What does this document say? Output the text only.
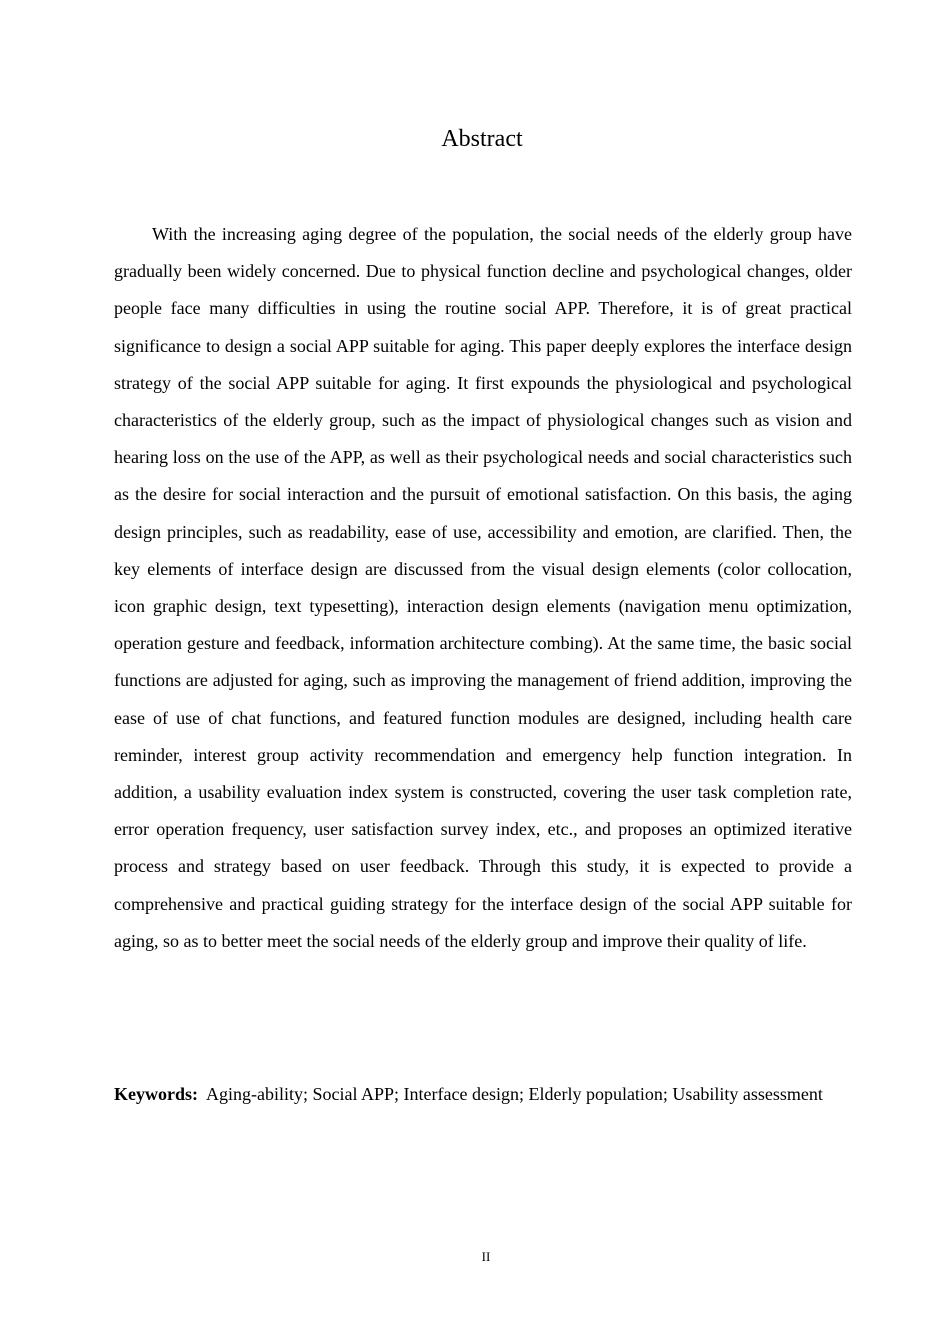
Abstract

With the increasing aging degree of the population, the social needs of the elderly group have gradually been widely concerned. Due to physical function decline and psychological changes, older people face many difficulties in using the routine social APP. Therefore, it is of great practical significance to design a social APP suitable for aging. This paper deeply explores the interface design strategy of the social APP suitable for aging. It first expounds the physiological and psychological characteristics of the elderly group, such as the impact of physiological changes such as vision and hearing loss on the use of the APP, as well as their psychological needs and social characteristics such as the desire for social interaction and the pursuit of emotional satisfaction. On this basis, the aging design principles, such as readability, ease of use, accessibility and emotion, are clarified. Then, the key elements of interface design are discussed from the visual design elements (color collocation, icon graphic design, text typesetting), interaction design elements (navigation menu optimization, operation gesture and feedback, information architecture combing). At the same time, the basic social functions are adjusted for aging, such as improving the management of friend addition, improving the ease of use of chat functions, and featured function modules are designed, including health care reminder, interest group activity recommendation and emergency help function integration. In addition, a usability evaluation index system is constructed, covering the user task completion rate, error operation frequency, user satisfaction survey index, etc., and proposes an optimized iterative process and strategy based on user feedback. Through this study, it is expected to provide a comprehensive and practical guiding strategy for the interface design of the social APP suitable for aging, so as to better meet the social needs of the elderly group and improve their quality of life.

Keywords: Aging-ability; Social APP; Interface design; Elderly population; Usability assessment

II
